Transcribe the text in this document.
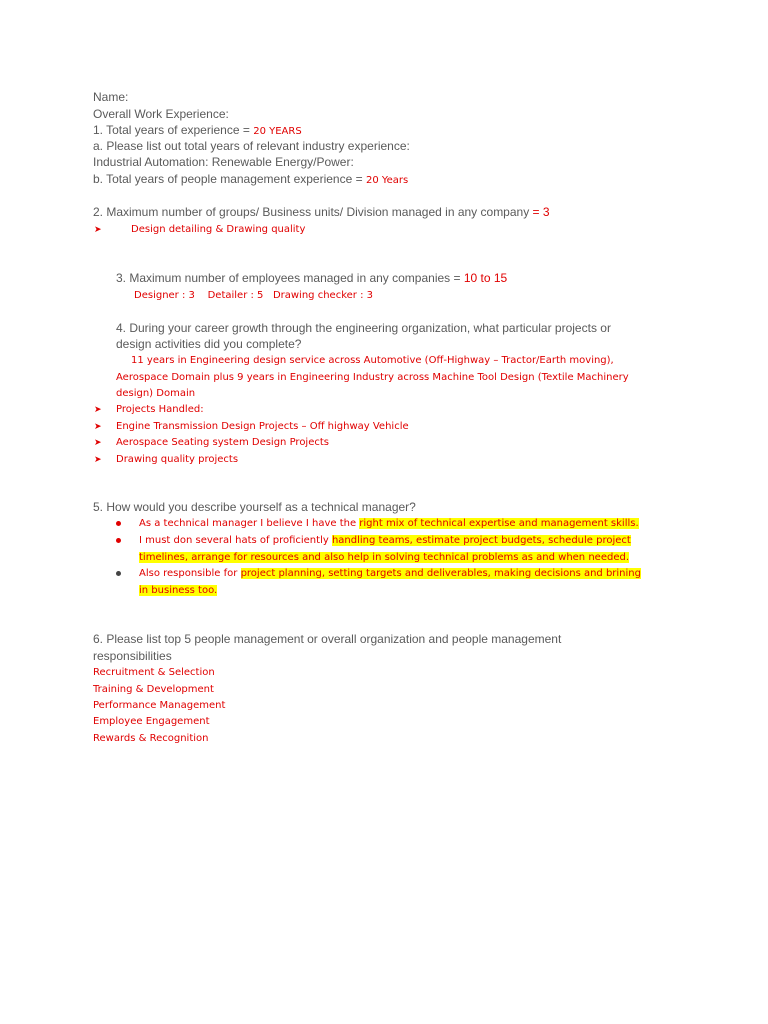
Name:
Overall Work Experience:
1. Total years of experience = 20 YEARS
a. Please list out total years of relevant industry experience:
Industrial Automation: Renewable Energy/Power:
b. Total years of people management experience = 20 Years
2. Maximum number of groups/ Business units/ Division managed in any company = 3
➤	Design detailing & Drawing quality
3. Maximum number of employees managed in any companies = 10 to 15
Designer : 3    Detailer : 5   Drawing checker : 3
4. During your career growth through the engineering organization, what particular projects or
design activities did you complete?
11 years in Engineering design service across Automotive (Off-Highway – Tractor/Earth moving),
Aerospace Domain plus 9 years in Engineering Industry across Machine Tool Design (Textile Machinery
design) Domain
➤ Projects Handled:
➤ Engine Transmission Design Projects – Off highway Vehicle
➤ Aerospace Seating system Design Projects
➤ Drawing quality projects
5. How would you describe yourself as a technical manager?
As a technical manager I believe I have the right mix of technical expertise and management skills.
I must don several hats of proficiently handling teams, estimate project budgets, schedule project
timelines, arrange for resources and also help in solving technical problems as and when needed.
Also responsible for project planning, setting targets and deliverables, making decisions and brining
in business too.
6. Please list top 5 people management or overall organization and people management
responsibilities
Recruitment & Selection
Training & Development
Performance Management
Employee Engagement
Rewards & Recognition
